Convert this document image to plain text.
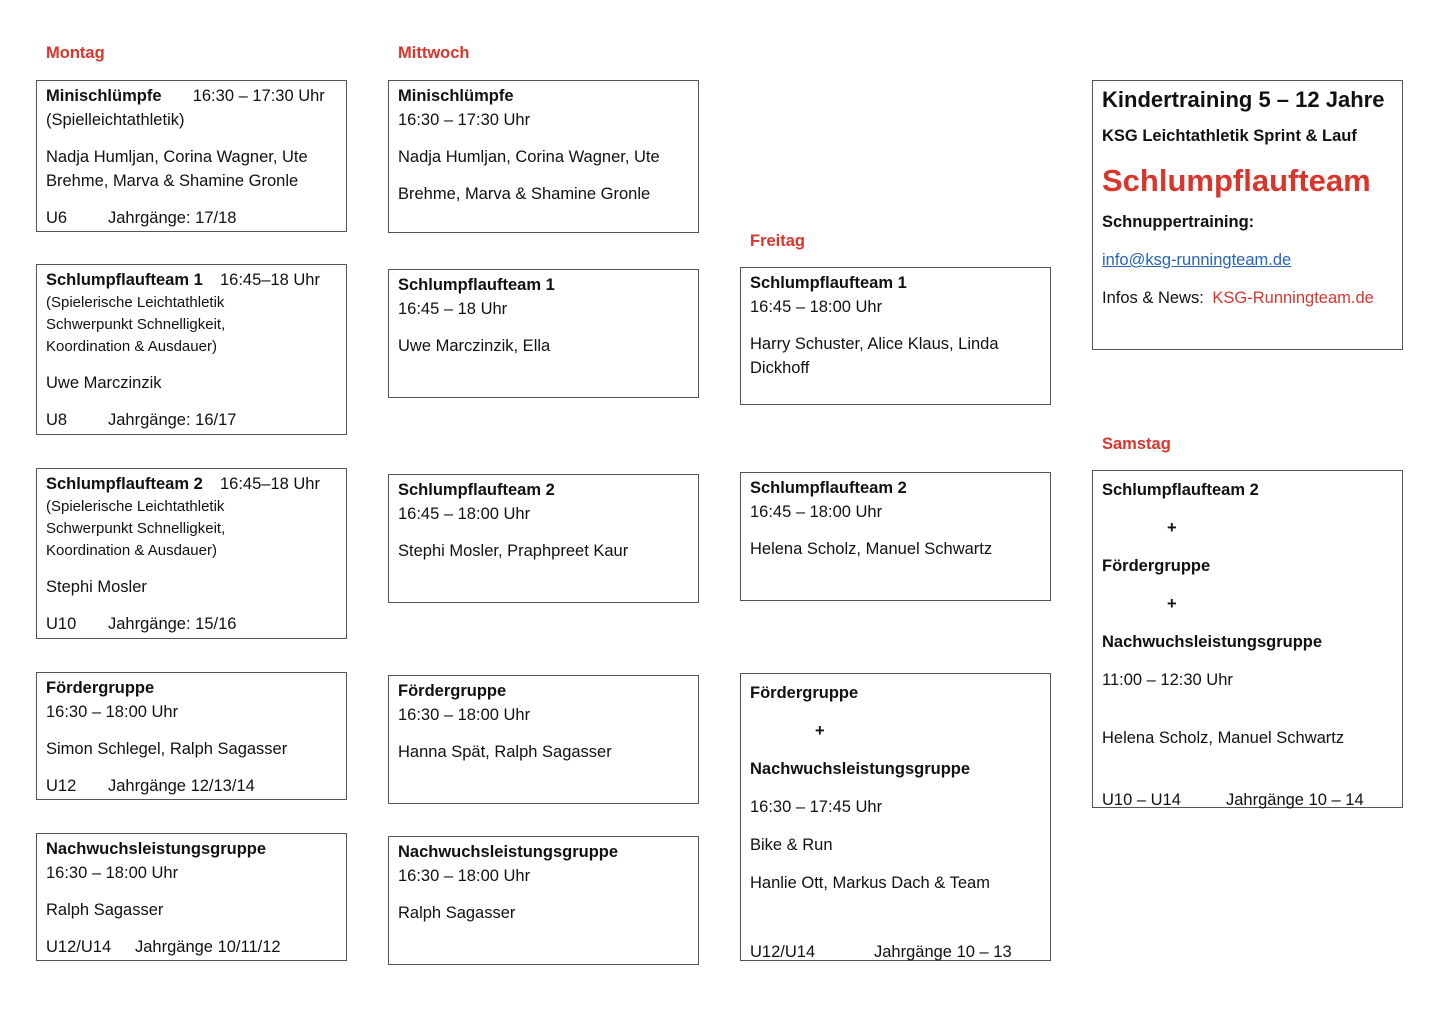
Montag	Mittwoch
Freitag
Samstag
Minischlümpfe 16:30 – 17:30 Uhr
(Spielleichtathletik)
Nadja Humljan, Corina Wagner, Ute
Brehme, Marva & Shamine Gronle
U6 Jahrgänge: 17/18
Schlumpflaufteam 1 16:45–18 Uhr
(Spielerische Leichtathletik
Schwerpunkt Schnelligkeit,
Koordination & Ausdauer)
Uwe Marczinzik
U8 Jahrgänge: 16/17
Schlumpflaufteam 2 16:45–18 Uhr
(Spielerische Leichtathletik
Schwerpunkt Schnelligkeit,
Koordination & Ausdauer)
Stephi Mosler
U10 Jahrgänge: 15/16
Fördergruppe
16:30 – 18:00 Uhr
Simon Schlegel, Ralph Sagasser
U12 Jahrgänge 12/13/14
Nachwuchsleistungsgruppe
16:30 – 18:00 Uhr
Ralph Sagasser
U12/U14 Jahrgänge 10/11/12
Minischlümpfe
16:30 – 17:30 Uhr
Nadja Humljan, Corina Wagner, Ute
Brehme, Marva & Shamine Gronle
Schlumpflaufteam 1
16:45 – 18 Uhr
Uwe Marczinzik, Ella
Schlumpflaufteam 2
16:45 – 18:00 Uhr
Stephi Mosler, Praphpreet Kaur
Fördergruppe
16:30 – 18:00 Uhr
Hanna Spät, Ralph Sagasser
Nachwuchsleistungsgruppe
16:30 – 18:00 Uhr
Ralph Sagasser
Schlumpflaufteam 1
16:45 – 18:00 Uhr
Harry Schuster, Alice Klaus, Linda
Dickhoff
Schlumpflaufteam 2
16:45 – 18:00 Uhr
Helena Scholz, Manuel Schwartz
Fördergruppe
+
Nachwuchsleistungsgruppe
16:30 – 17:45 Uhr
Bike & Run
Hanlie Ott, Markus Dach & Team
U12/U14	Jahrgänge 10 – 13
Kindertraining 5 – 12 Jahre
KSG Leichtathletik Sprint & Lauf
Schlumpflaufteam
Schnuppertraining:
info@ksg-runningteam.de
Infos & News: KSG-Runningteam.de
Schlumpflaufteam 2
+
Fördergruppe
+
Nachwuchsleistungsgruppe
11:00 – 12:30 Uhr
Helena Scholz, Manuel Schwartz
U10 – U14	Jahrgänge 10 – 14
